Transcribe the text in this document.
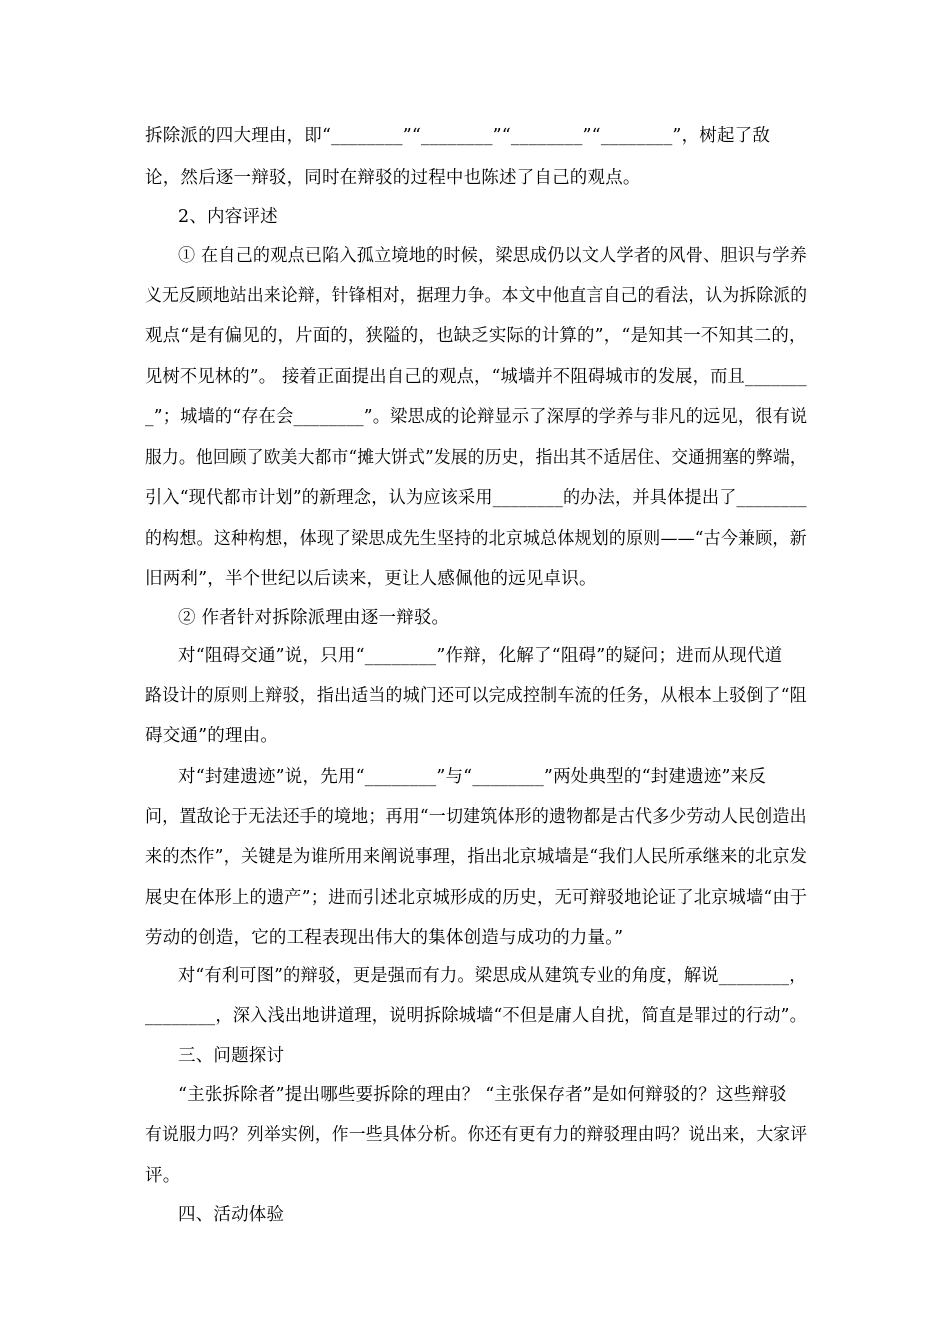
拆除派的四大理由，即“________”“________”“________”“________”，树起了敌
论，然后逐一辩驳，同时在辩驳的过程中也陈述了自己的观点。
2、内容评述
① 在自己的观点已陷入孤立境地的时候，梁思成仍以文人学者的风骨、胆识与学养
义无反顾地站出来论辩，针锋相对，据理力争。本文中他直言自己的看法，认为拆除派的
观点“是有偏见的，片面的，狭隘的，也缺乏实际的计算的”，“是知其一不知其二的，
见树不见林的”。 接着正面提出自己的观点，“城墙并不阻碍城市的发展，而且_______
_”；城墙的“存在会________”。梁思成的论辩显示了深厚的学养与非凡的远见，很有说
服力。他回顾了欧美大都市“摊大饼式”发展的历史，指出其不适居住、交通拥塞的弊端，
引入“现代都市计划”的新理念，认为应该采用________的办法，并具体提出了________
的构想。这种构想，体现了梁思成先生坚持的北京城总体规划的原则——“古今兼顾，新
旧两利”，半个世纪以后读来，更让人感佩他的远见卓识。
② 作者针对拆除派理由逐一辩驳。
对“阻碍交通”说，只用“________”作辩，化解了“阻碍”的疑问；进而从现代道
路设计的原则上辩驳，指出适当的城门还可以完成控制车流的任务，从根本上驳倒了“阻
碍交通”的理由。
对“封建遗迹”说，先用“________”与“________”两处典型的“封建遗迹”来反
问，置敌论于无法还手的境地；再用“一切建筑体形的遗物都是古代多少劳动人民创造出
来的杰作”，关键是为谁所用来阐说事理，指出北京城墙是“我们人民所承继来的北京发
展史在体形上的遗产”；进而引述北京城形成的历史，无可辩驳地论证了北京城墙“由于
劳动的创造，它的工程表现出伟大的集体创造与成功的力量。”
对“有利可图”的辩驳，更是强而有力。梁思成从建筑专业的角度，解说________，
________，深入浅出地讲道理，说明拆除城墙“不但是庸人自扰，简直是罪过的行动”。
三、问题探讨
“主张拆除者”提出哪些要拆除的理由？ “主张保存者”是如何辩驳的？这些辩驳
有说服力吗？列举实例，作一些具体分析。你还有更有力的辩驳理由吗？说出来，大家评
评。
四、活动体验
